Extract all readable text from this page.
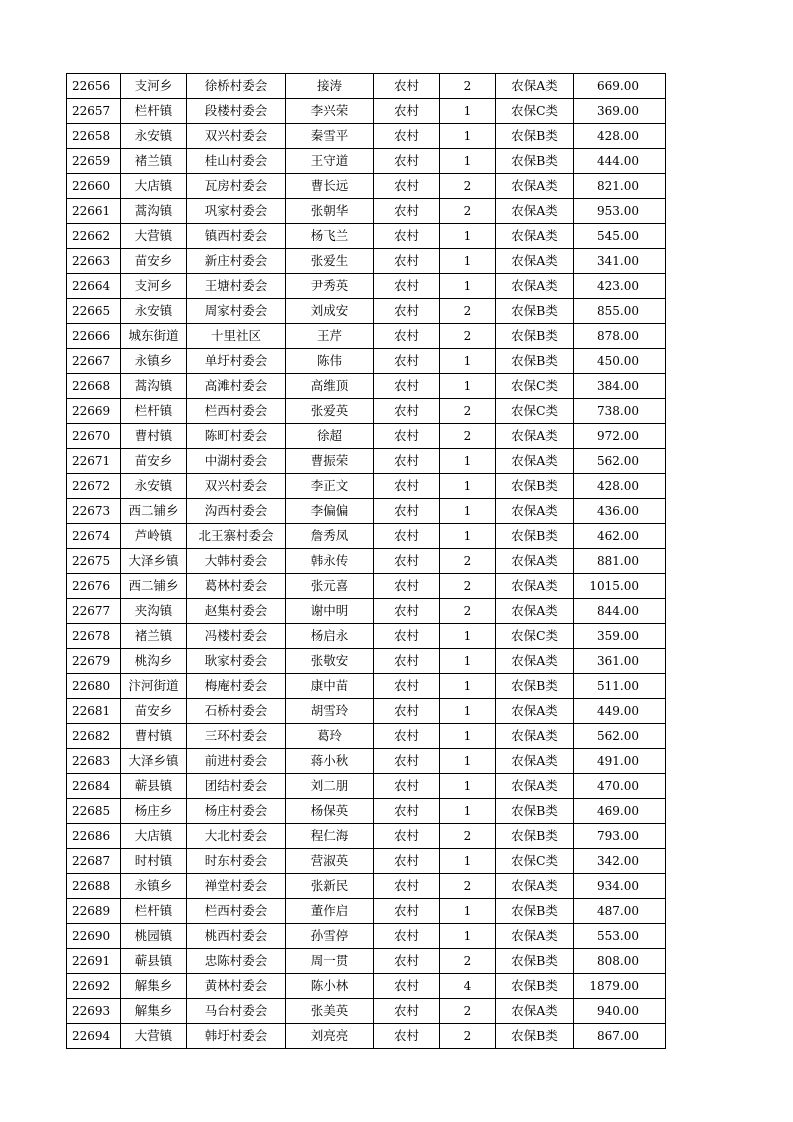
22656	支河乡	徐桥村委会	接涛	农村	2	农保A类	669.00
22657	栏杆镇	段楼村委会	李兴荣	农村	1	农保C类	369.00
22658	永安镇	双兴村委会	秦雪平	农村	1	农保B类	428.00
22659	褚兰镇	桂山村委会	王守道	农村	1	农保B类	444.00
22660	大店镇	瓦房村委会	曹长远	农村	2	农保A类	821.00
22661	蒿沟镇	巩家村委会	张朝华	农村	2	农保A类	953.00
22662	大营镇	镇西村委会	杨飞兰	农村	1	农保A类	545.00
22663	苗安乡	新庄村委会	张爱生	农村	1	农保A类	341.00
22664	支河乡	王塘村委会	尹秀英	农村	1	农保A类	423.00
22665	永安镇	周家村委会	刘成安	农村	2	农保B类	855.00
22666	城东街道	十里社区	王芹	农村	2	农保B类	878.00
22667	永镇乡	单圩村委会	陈伟	农村	1	农保B类	450.00
22668	蒿沟镇	高滩村委会	高维顶	农村	1	农保C类	384.00
22669	栏杆镇	栏西村委会	张爱英	农村	2	农保C类	738.00
22670	曹村镇	陈町村委会	徐超	农村	2	农保A类	972.00
22671	苗安乡	中湖村委会	曹振荣	农村	1	农保A类	562.00
22672	永安镇	双兴村委会	李正文	农村	1	农保B类	428.00
22673	西二铺乡	沟西村委会	李偏偏	农村	1	农保A类	436.00
22674	芦岭镇	北王寨村委会	詹秀凤	农村	1	农保B类	462.00
22675	大泽乡镇	大韩村委会	韩永传	农村	2	农保A类	881.00
22676	西二铺乡	葛林村委会	张元喜	农村	2	农保A类	1015.00
22677	夹沟镇	赵集村委会	谢中明	农村	2	农保A类	844.00
22678	褚兰镇	冯楼村委会	杨启永	农村	1	农保C类	359.00
22679	桃沟乡	耿家村委会	张敬安	农村	1	农保A类	361.00
22680	汴河街道	梅庵村委会	康中苗	农村	1	农保B类	511.00
22681	苗安乡	石桥村委会	胡雪玲	农村	1	农保A类	449.00
22682	曹村镇	三环村委会	葛玲	农村	1	农保A类	562.00
22683	大泽乡镇	前进村委会	蒋小秋	农村	1	农保A类	491.00
22684	蕲县镇	团结村委会	刘二朋	农村	1	农保A类	470.00
22685	杨庄乡	杨庄村委会	杨保英	农村	1	农保B类	469.00
22686	大店镇	大北村委会	程仁海	农村	2	农保B类	793.00
22687	时村镇	时东村委会	营淑英	农村	1	农保C类	342.00
22688	永镇乡	禅堂村委会	张新民	农村	2	农保A类	934.00
22689	栏杆镇	栏西村委会	董作启	农村	1	农保B类	487.00
22690	桃园镇	桃西村委会	孙雪停	农村	1	农保A类	553.00
22691	蕲县镇	忠陈村委会	周一贯	农村	2	农保B类	808.00
22692	解集乡	黄林村委会	陈小林	农村	4	农保B类	1879.00
22693	解集乡	马台村委会	张美英	农村	2	农保A类	940.00
22694	大营镇	韩圩村委会	刘亮亮	农村	2	农保B类	867.00
